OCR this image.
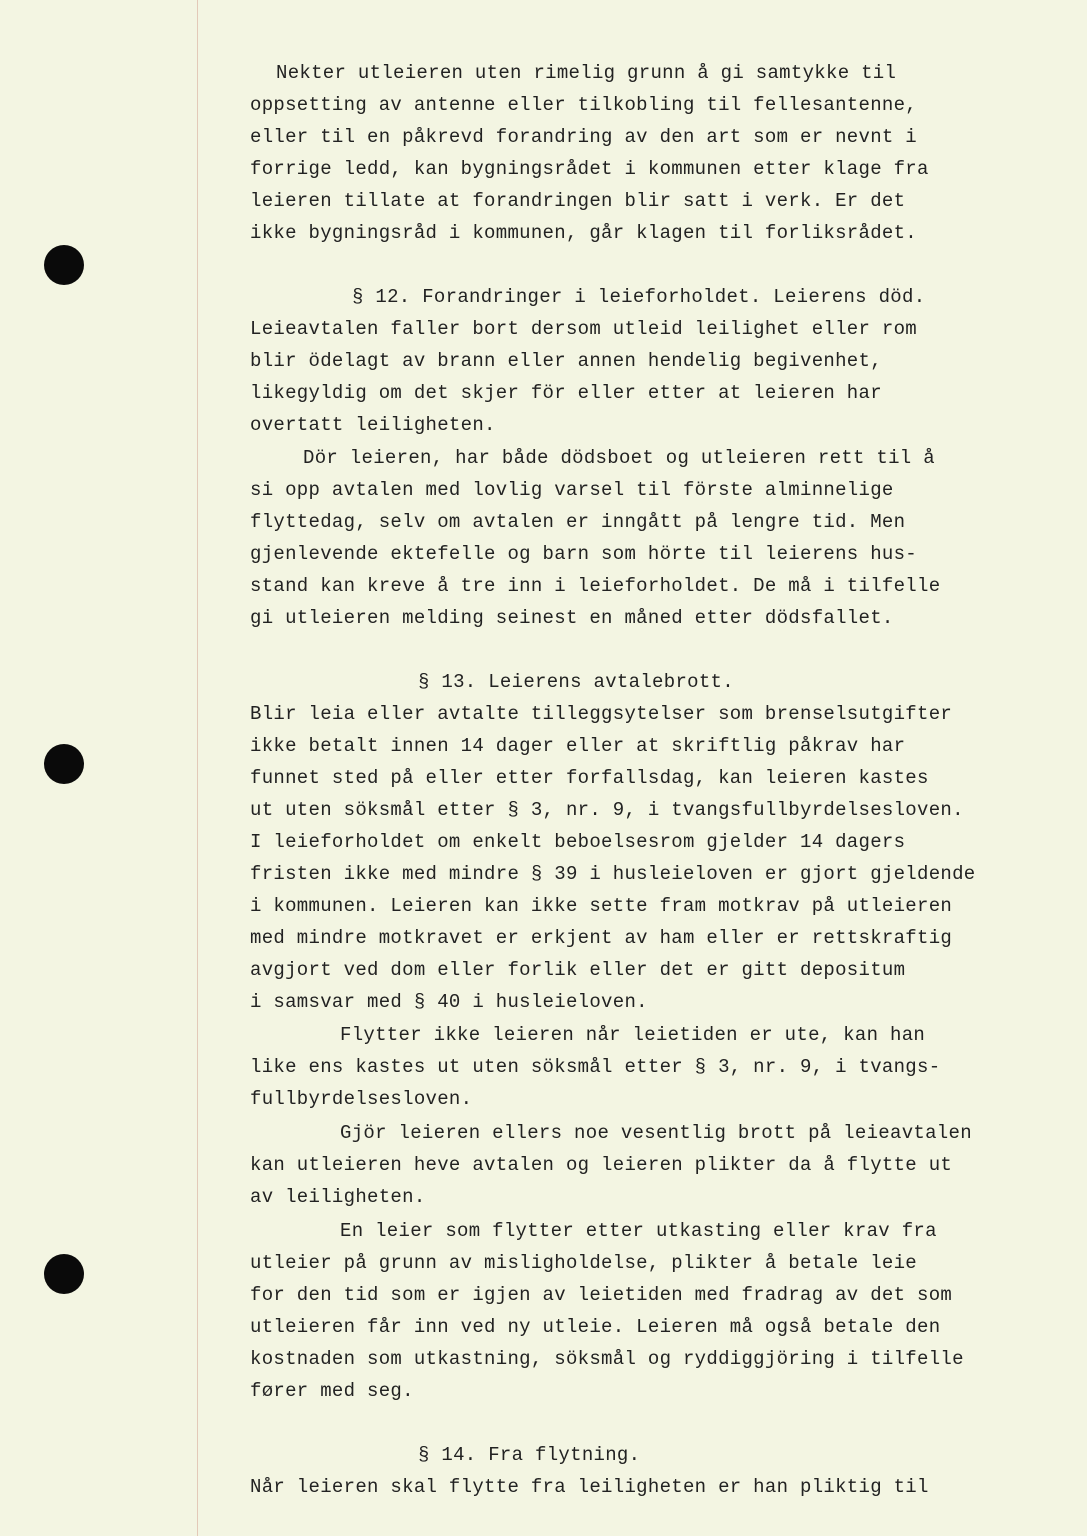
Nekter utleieren uten rimelig grunn å gi samtykke til
oppsetting av antenne eller tilkobling til fellesantenne,
eller til en påkrevd forandring av den art som er nevnt i
forrige ledd, kan bygningsrådet i kommunen etter klage fra
leieren tillate at forandringen blir satt i verk. Er det
ikke bygningsråd i kommunen, går klagen til forliksrådet.
§ 12. Forandringer i leieforholdet. Leierens död.
Leieavtalen faller bort dersom utleid leilighet eller rom
blir ödelagt av brann eller annen hendelig begivenhet,
likegyldig om det skjer för eller etter at leieren har
overtatt leiligheten.
Dör leieren, har både dödsboet og utleieren rett til å
si opp avtalen med lovlig varsel til förste alminnelige
flyttedag, selv om avtalen er inngått på lengre tid. Men
gjenlevende ektefelle og barn som hörte til leierens hus-
stand kan kreve å tre inn i leieforholdet. De må i tilfelle
gi utleieren melding seinest en måned etter dödsfallet.
§ 13. Leierens avtalebrott.
Blir leia eller avtalte tilleggsytelser som brenselsutgifter
ikke betalt innen 14 dager eller at skriftlig påkrav har
funnet sted på eller etter forfallsdag, kan leieren kastes
ut uten söksmål etter § 3, nr. 9, i tvangsfullbyrdelsesloven.
I leieforholdet om enkelt beboelsesrom gjelder 14 dagers
fristen ikke med mindre § 39 i husleieloven er gjort gjeldende
i kommunen. Leieren kan ikke sette fram motkrav på utleieren
med mindre motkravet er erkjent av ham eller er rettskraftig
avgjort ved dom eller forlik eller det er gitt depositum
i samsvar med § 40 i husleieloven.
Flytter ikke leieren når leietiden er ute, kan han
like ens kastes ut uten söksmål etter § 3, nr. 9, i tvangs-
fullbyrdelsesloven.
Gjör leieren ellers noe vesentlig brott på leieavtalen
kan utleieren heve avtalen og leieren plikter da å flytte ut
av leiligheten.
En leier som flytter etter utkasting eller krav fra
utleier på grunn av misligholdelse, plikter å betale leie
for den tid som er igjen av leietiden med fradrag av det som
utleieren får inn ved ny utleie. Leieren må også betale den
kostnaden som utkastning, söksmål og ryddiggjöring i tilfelle
fører med seg.
§ 14. Fra flytning.
Når leieren skal flytte fra leiligheten er han pliktig til
